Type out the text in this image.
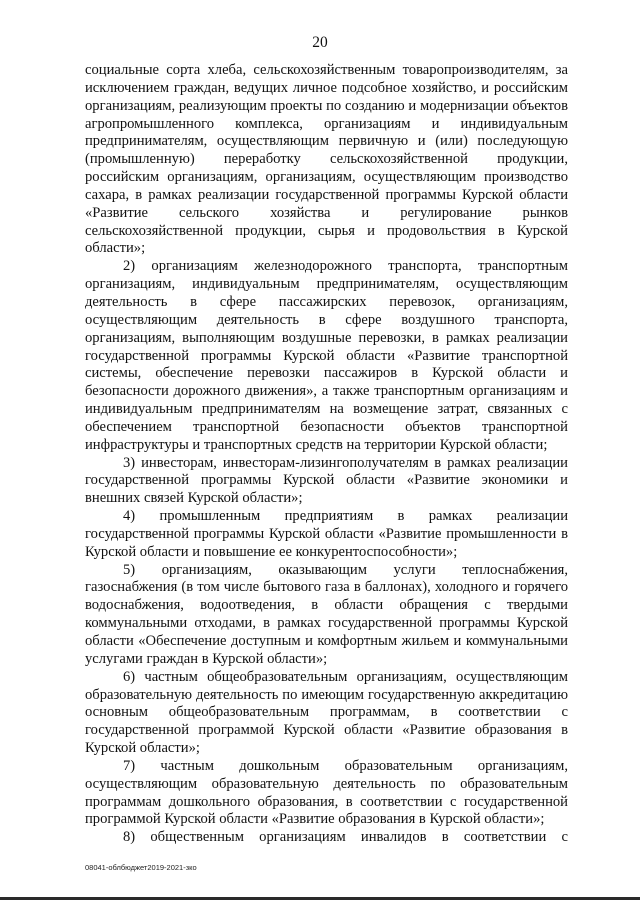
20

социальные сорта хлеба, сельскохозяйственным товаропроизводителям, за исключением граждан, ведущих личное подсобное хозяйство, и российским организациям, реализующим проекты по созданию и модернизации объектов агропромышленного комплекса, организациям и индивидуальным предпринимателям, осуществляющим первичную и (или) последующую (промышленную) переработку сельскохозяйственной продукции, российским организациям, организациям, осуществляющим производство сахара, в рамках реализации государственной программы Курской области «Развитие сельского хозяйства и регулирование рынков сельскохозяйственной продукции, сырья и продовольствия в Курской области»;

2) организациям железнодорожного транспорта, транспортным организациям, индивидуальным предпринимателям, осуществляющим деятельность в сфере пассажирских перевозок, организациям, осуществляющим деятельность в сфере воздушного транспорта, организациям, выполняющим воздушные перевозки, в рамках реализации государственной программы Курской области «Развитие транспортной системы, обеспечение перевозки пассажиров в Курской области и безопасности дорожного движения», а также транспортным организациям и индивидуальным предпринимателям на возмещение затрат, связанных с обеспечением транспортной безопасности объектов транспортной инфраструктуры и транспортных средств на территории Курской области;

3) инвесторам, инвесторам-лизингополучателям в рамках реализации государственной программы Курской области «Развитие экономики и внешних связей Курской области»;

4) промышленным предприятиям в рамках реализации государственной программы Курской области «Развитие промышленности в Курской области и повышение ее конкурентоспособности»;

5) организациям, оказывающим услуги теплоснабжения, газоснабжения (в том числе бытового газа в баллонах), холодного и горячего водоснабжения, водоотведения, в области обращения с твердыми коммунальными отходами, в рамках государственной программы Курской области «Обеспечение доступным и комфортным жильем и коммунальными услугами граждан в Курской области»;

6) частным общеобразовательным организациям, осуществляющим образовательную деятельность по имеющим государственную аккредитацию основным общеобразовательным программам, в соответствии с государственной программой Курской области «Развитие образования в Курской области»;

7) частным дошкольным образовательным организациям, осуществляющим образовательную деятельность по образовательным программам дошкольного образования, в соответствии с государственной программой Курской области «Развитие образования в Курской области»;

8) общественным организациям инвалидов в соответствии с

08041-облбюджет2019-2021-зко
